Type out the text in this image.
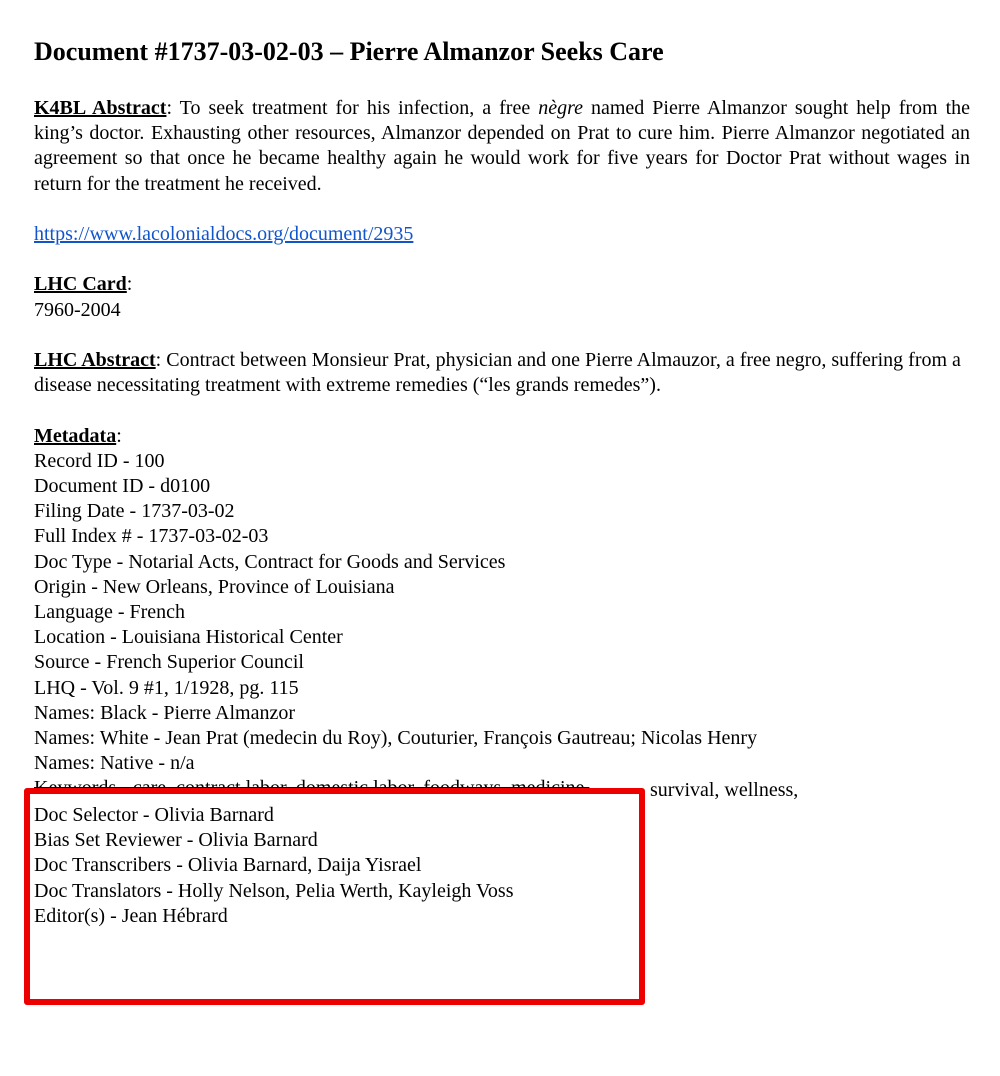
Document #1737-03-02-03 – Pierre Almanzor Seeks Care

K4BL Abstract: To seek treatment for his infection, a free nègre named Pierre Almanzor sought help from the king’s doctor. Exhausting other resources, Almanzor depended on Prat to cure him. Pierre Almanzor negotiated an agreement so that once he became healthy again he would work for five years for Doctor Prat without wages in return for the treatment he received.

https://www.lacolonialdocs.org/document/2935

LHC Card:

7960-2004

LHC Abstract: Contract between Monsieur Prat, physician and one Pierre Almauzor, a free negro, suffering from a disease necessitating treatment with extreme remedies (“les grands remedes”).

Metadata:

Record ID - 100

Document ID - d0100

Filing Date - 1737-03-02

Full Index # - 1737-03-02-03

Doc Type - Notarial Acts, Contract for Goods and Services

Origin - New Orleans, Province of Louisiana

Language - French

Location - Louisiana Historical Center

Source - French Superior Council

LHQ - Vol. 9 #1, 1/1928, pg. 115

Names: Black - Pierre Almanzor

Names: White - Jean Prat (medecin du Roy), Couturier, François Gautreau; Nicolas Henry

Names: Native - n/a

survival, wellness,

Doc Selector - Olivia Barnard

Bias Set Reviewer - Olivia Barnard

Doc Transcribers - Olivia Barnard, Daija Yisrael

Doc Translators - Holly Nelson, Pelia Werth, Kayleigh Voss

Editor(s) - Jean Hébrard
